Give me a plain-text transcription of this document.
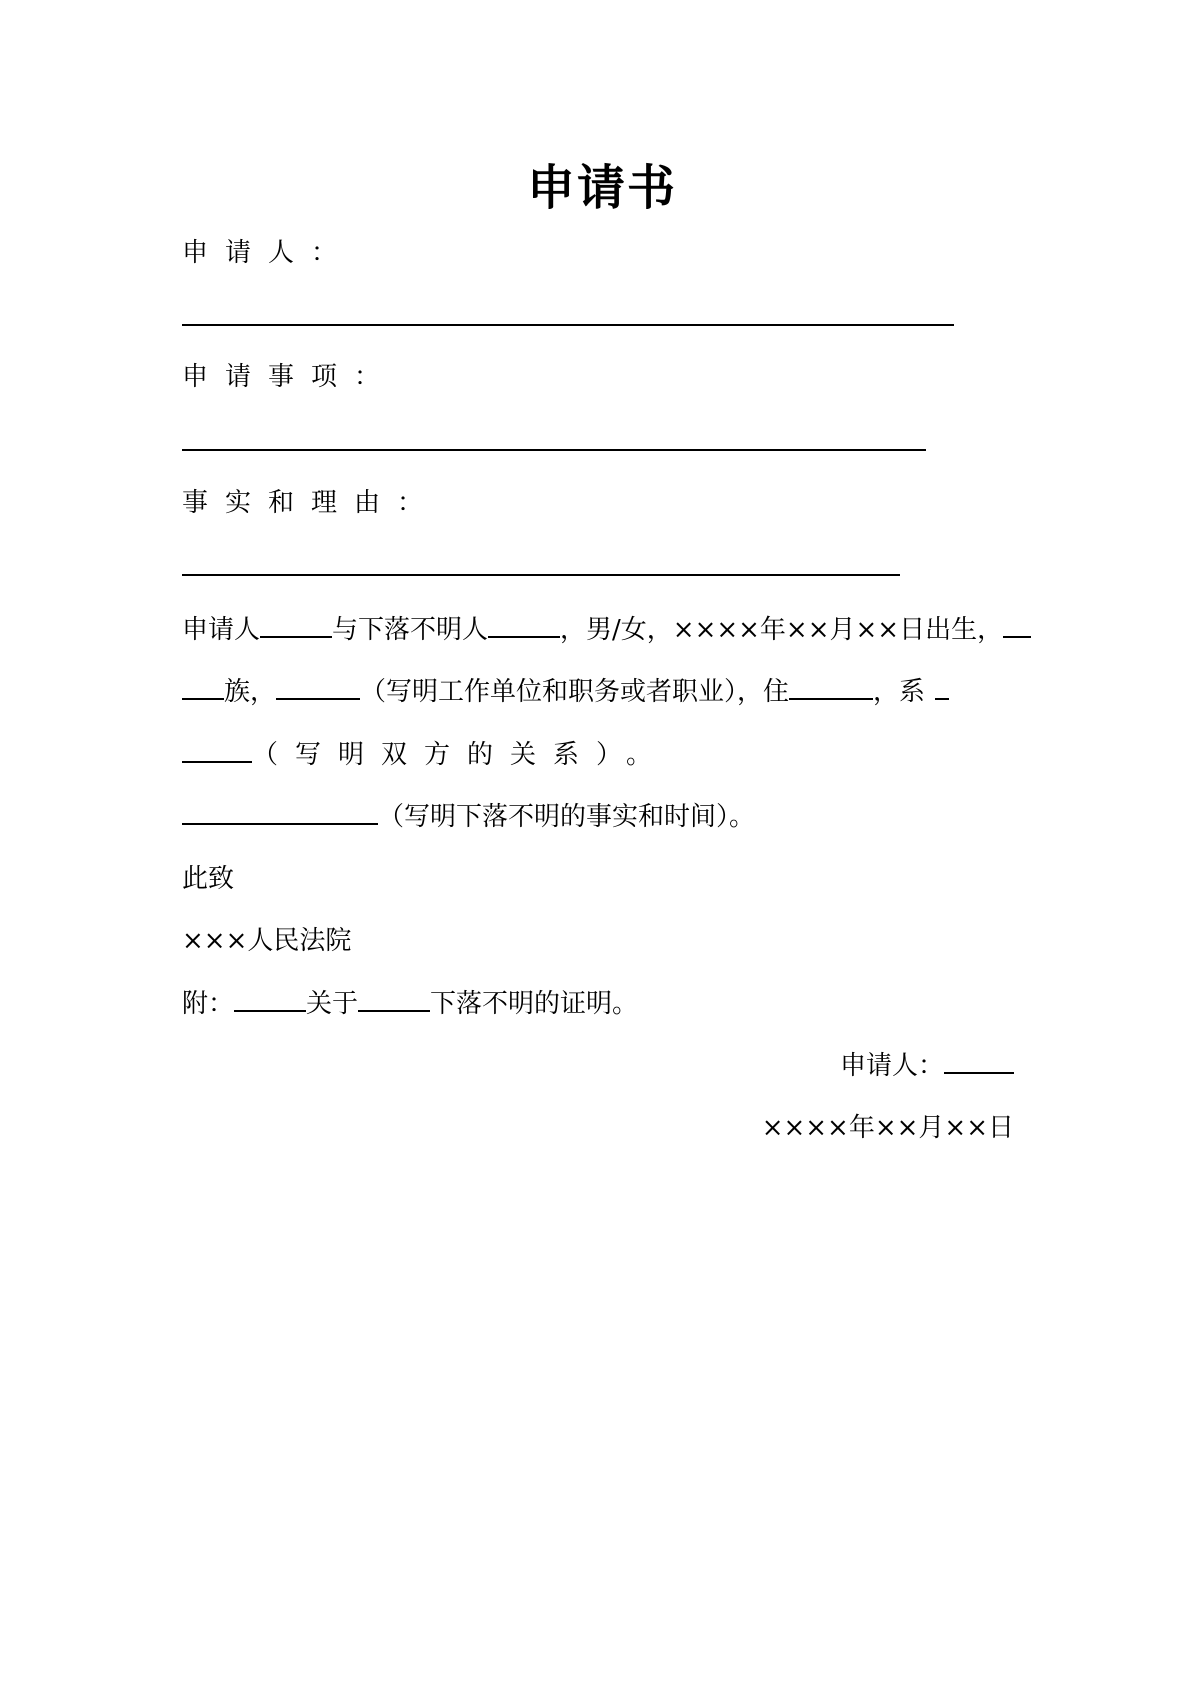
申请书
申请人：
申请事项：
事实和理由：
申请人	与下落不明人	，男/女，××××年××月××日出生，
族，	（写明工作单位和职务或者职业），住	，系
（写明双方的关系）。
（写明下落不明的事实和时间）。
此致
×××人民法院
附：	关于	下落不明的证明。
申请人：
××××年××月××日
